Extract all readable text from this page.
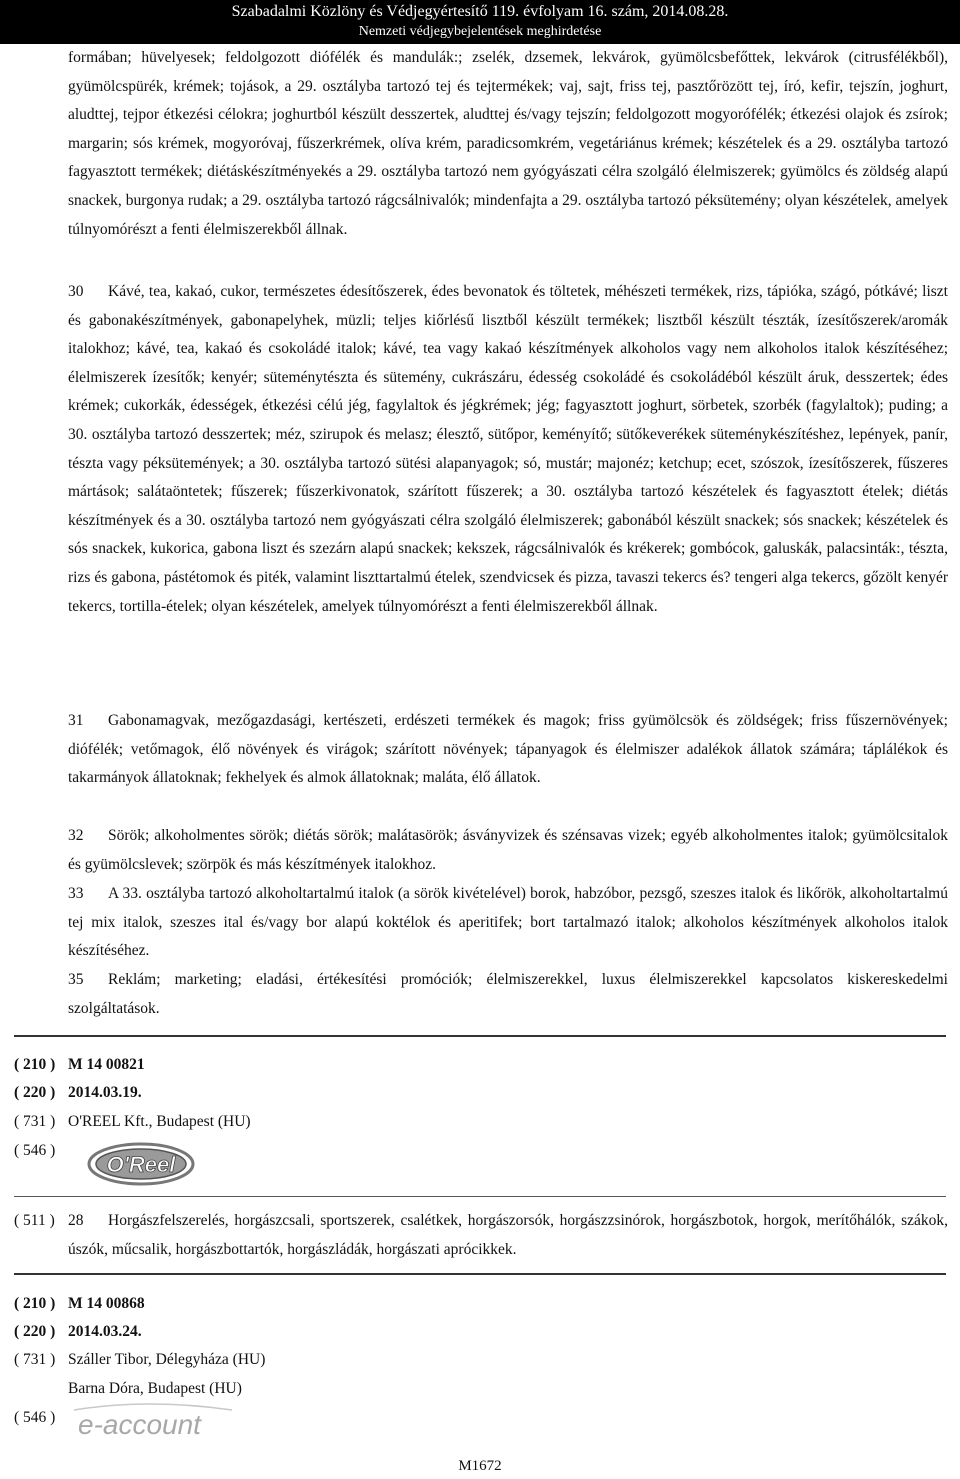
Szabadalmi Közlöny és Védjegyértesítő 119. évfolyam 16. szám, 2014.08.28.
Nemzeti védjegybejelentések meghirdetése

formában; hüvelyesek; feldolgozott diófélék és mandulák:; zselék, dzsemek, lekvárok, gyümölcsbefőttek, lekvárok (citrusfélékből), gyümölcspürék, krémek; tojások, a 29. osztályba tartozó tej és tejtermékek; vaj, sajt, friss tej, pasztőrözött tej, író, kefir, tejszín, joghurt, aludttej, tejpor étkezési célokra; joghurtból készült desszertek, aludttej és/vagy tejszín; feldolgozott mogyorófélék; étkezési olajok és zsírok; margarin; sós krémek, mogyoróvaj, fűszerkrémek, olíva krém, paradicsomkrém, vegetáriánus krémek; készételek és a 29. osztályba tartozó fagyasztott termékek; diétáskészítményekés a 29. osztályba tartozó nem gyógyászati célra szolgáló élelmiszerek; gyümölcs és zöldség alapú snackek, burgonya rudak; a 29. osztályba tartozó rágcsálnivalók; mindenfajta a 29. osztályba tartozó péksütemény; olyan készételek, amelyek túlnyomórészt a fenti élelmiszerekből állnak.

30 Kávé, tea, kakaó, cukor, természetes édesítőszerek, édes bevonatok és töltetek, méhészeti termékek, rizs, tápióka, szágó, pótkávé; liszt és gabonakészítmények, gabonapelyhek, müzli; teljes kiőrlésű lisztből készült termékek; lisztből készült tészták, ízesítőszerek/aromák italokhoz; kávé, tea, kakaó és csokoládé italok; kávé, tea vagy kakaó készítmények alkoholos vagy nem alkoholos italok készítéséhez; élelmiszerek ízesítők; kenyér; süteménytészta és sütemény, cukrászáru, édesség csokoládé és csokoládéból készült áruk, desszertek; édes krémek; cukorkák, édességek, étkezési célú jég, fagylaltok és jégkrémek; jég; fagyasztott joghurt, sörbetek, szorbék (fagylaltok); puding; a 30. osztályba tartozó desszertek; méz, szirupok és melasz; élesztő, sütőpor, keményítő; sütőkeverékek süteménykészítéshez, lepények, panír, tészta vagy péksütemények; a 30. osztályba tartozó sütési alapanyagok; só, mustár; majonéz; ketchup; ecet, szószok, ízesítőszerek, fűszeres mártások; salátaöntetek; fűszerek; fűszerkivonatok, szárított fűszerek; a 30. osztályba tartozó készételek és fagyasztott ételek; diétás készítmények és a 30. osztályba tartozó nem gyógyászati célra szolgáló élelmiszerek; gabonából készült snackek; sós snackek; készételek és sós snackek, kukorica, gabona liszt és szezárn alapú snackek; kekszek, rágcsálnivalók és krékerek; gombócok, galuskák, palacsinták:, tészta, rizs és gabona, pástétomok és piték, valamint liszttartalmú ételek, szendvicsek és pizza, tavaszi tekercs és? tengeri alga tekercs, gőzölt kenyér tekercs, tortilla-ételek; olyan készételek, amelyek túlnyomórészt a fenti élelmiszerekből állnak.

31 Gabonamagvak, mezőgazdasági, kertészeti, erdészeti termékek és magok; friss gyümölcsök és zöldségek; friss fűszernövények; diófélék; vetőmagok, élő növények és virágok; szárított növények; tápanyagok és élelmiszer adalékok állatok számára; táplálékok és takarmányok állatoknak; fekhelyek és almok állatoknak; maláta, élő állatok.

32 Sörök; alkoholmentes sörök; diétás sörök; malátasörök; ásványvizek és szénsavas vizek; egyéb alkoholmentes italok; gyümölcsitalok és gyümölcslevek; szörpök és más készítmények italokhoz.

33 A 33. osztályba tartozó alkoholtartalmú italok (a sörök kivételével) borok, habzóbor, pezsgő, szeszes italok és likőrök, alkoholtartalmú tej mix italok, szeszes ital és/vagy bor alapú koktélok és aperitifek; bort tartalmazó italok; alkoholos készítmények alkoholos italok készítéséhez.

35 Reklám; marketing; eladási, értékesítési promóciók; élelmiszerekkel, luxus élelmiszerekkel kapcsolatos kiskereskedelmi szolgáltatások.

( 210 ) M 14 00821
( 220 ) 2014.03.19.
( 731 ) O'REEL Kft., Budapest (HU)
( 546 )
O'Reel
( 511 ) 28 Horgászfelszerelés, horgászcsali, sportszerek, csalétkek, horgászorsók, horgászzsinórok, horgászbotok, horgok, merítőhálók, szákok, úszók, műcsalik, horgászbottartók, horgászládák, horgászati aprócikkek.

( 210 ) M 14 00868
( 220 ) 2014.03.24.
( 731 ) Száller Tibor, Délegyháza (HU)
Barna Dóra, Budapest (HU)
( 546 ) e-account
M1672
